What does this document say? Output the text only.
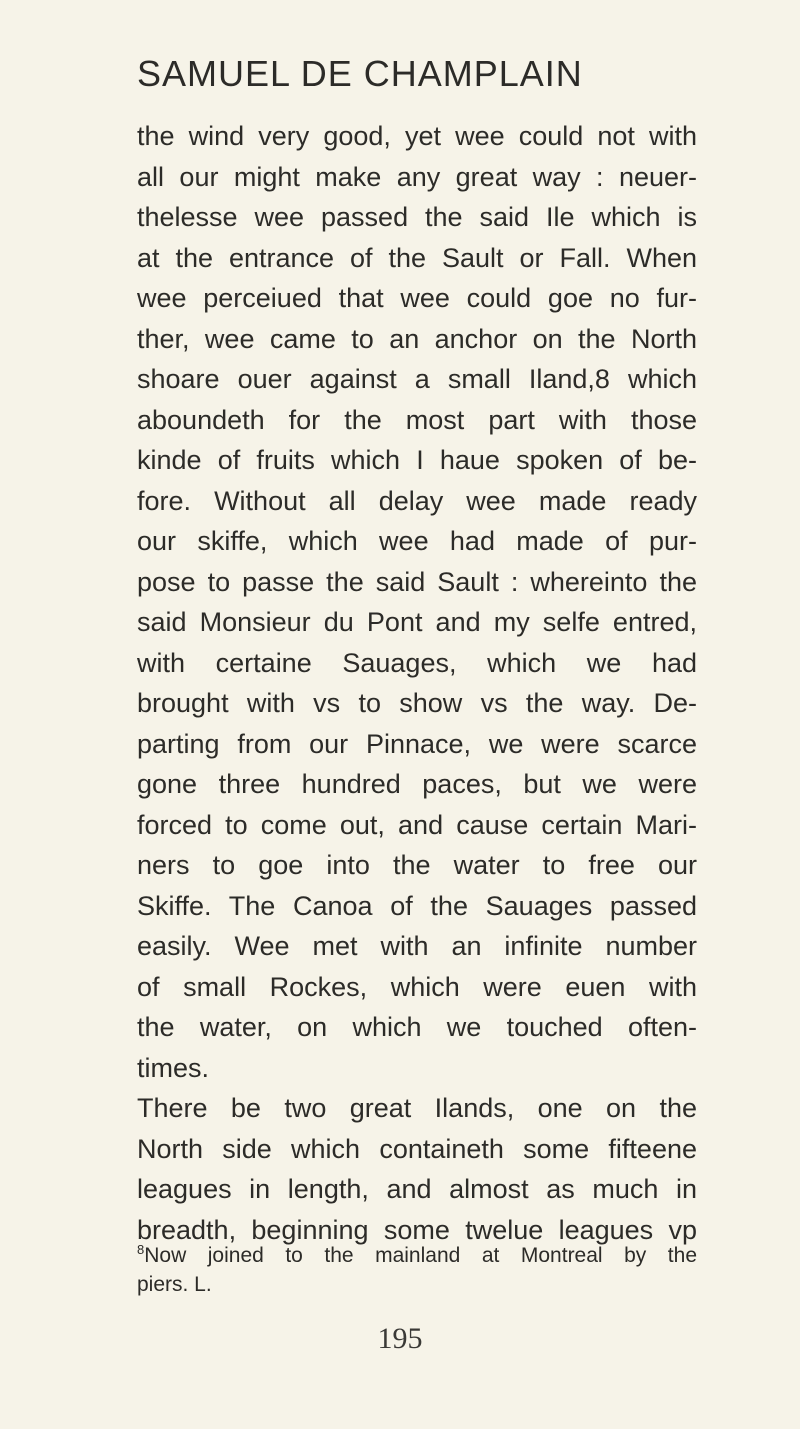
SAMUEL DE CHAMPLAIN
the wind very good, yet wee could not with
all our might make any great way : neuer-
thelesse wee passed the said Ile which is
at the entrance of the Sault or Fall. When
wee perceiued that wee could goe no fur-
ther, wee came to an anchor on the North
shoare ouer against a small Iland,8 which
aboundeth for the most part with those
kinde of fruits which I haue spoken of be-
fore. Without all delay wee made ready
our skiffe, which wee had made of pur-
pose to passe the said Sault : whereinto the
said Monsieur du Pont and my selfe entred,
with certaine Sauages, which we had
brought with vs to show vs the way. De-
parting from our Pinnace, we were scarce
gone three hundred paces, but we were
forced to come out, and cause certain Mari-
ners to goe into the water to free our
Skiffe. The Canoa of the Sauages passed
easily. Wee met with an infinite number
of small Rockes, which were euen with
the water, on which we touched often-
times.
There be two great Ilands, one on the
North side which containeth some fifteene
leagues in length, and almost as much in
breadth, beginning some twelue leagues vp
$^8$Now joined to the mainland at Montreal by the
piers. L.
195
